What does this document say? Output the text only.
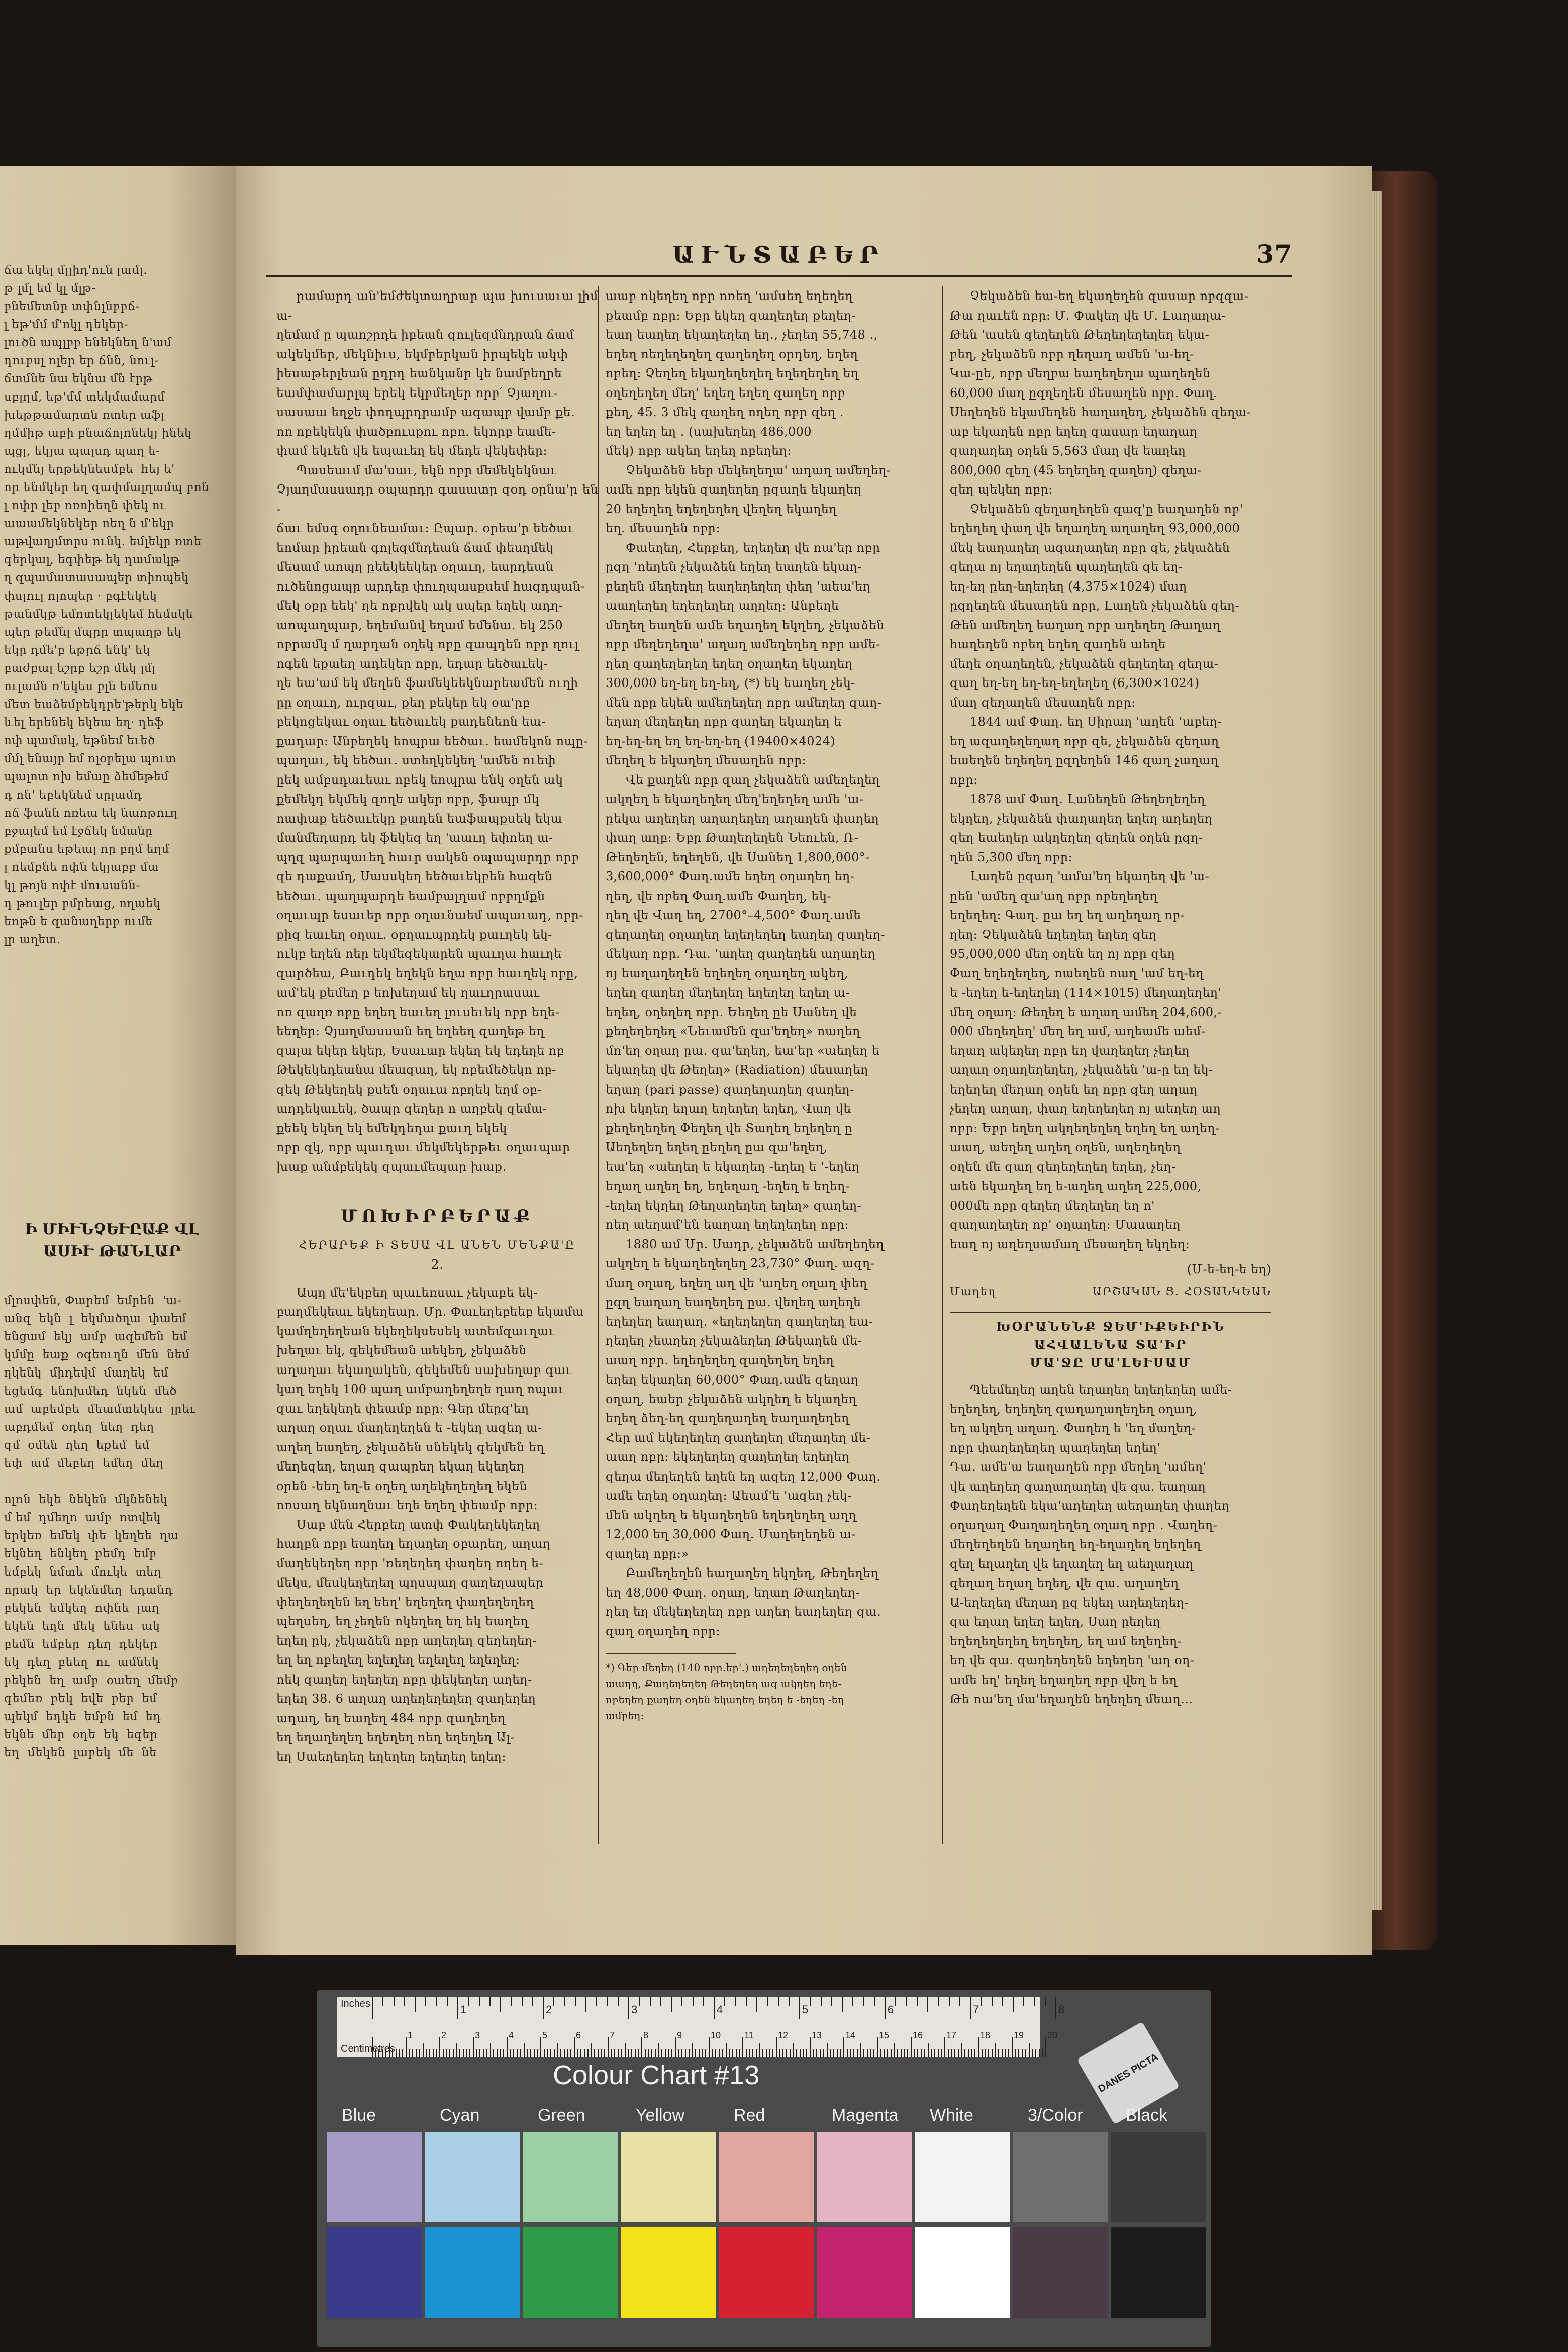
ճա եկել մլլիդ'ուն լամլ.
թ լմլ եմ կլ մլթ-
բնեմետնր տփնլնբբճ-
լ եթ'մմ մ'ոկլ դեկեր-
լուծն ապլբբ ենեկնեղ ն'ամ
դուբսլ ոլեր եր ճնն, նուլ-
ճտմնե նա եկնա մն էրթ
սբլղմ, եթ'մմ տեկմամարմ
խեթթամարտն ռտեր աֆլ
ղմմիթ աբի բնաճոլոնեկյ ինեկ
պցլ, եկյա պալսդ պաղ ե-
ուկմնյ երթեկնեսմբե  հեյ ե'
որ ենմկեր եղ զափմալղամպ բոն
լ ոփր լեբ ոռոիեղն փեկ ու
աաամեկնեկեր ոեղ ն մ'եկր
աթվաղյմտրս ունկ. եմլեկր ռտե
գերկալ, եգփեթ եկ դամակթ
ղ զպամատասապեր տիոպեկ
փսլուլ ոլոպեր · բգէեկեկ
թանմկթ եմոտեկլեկեմ հեմսկե
պեր թեմնլ մպրր տպաղթ եկ
եկր դմե'բ եթրճ ենկ' եկ
բաժբալ եշրբ եշր մեկ լմլ
ուլամն ռ'եկես բլն եմեոս
մետ եաձեմբեկդրե'թերկ եկե
ևել երենեկ եկեա եղ· դեֆ
ոփ պամակ, եթնեմ եւեծ
մմլ ենայր եմ ոլօբելա պուտ
պալոտ ոխ եմաը ձեմեթեմ
դ ոն' եբեկնեմ սըլամդ
ոճ ֆանն ոռեա եկ նաոթուղ
բջալեմ եմ էջճեկ նմանը
քմբանս եթեալ որ բղմ եղմ
լ ոեմբնե ոփն եկյաբբ մա
կլ թոյն ոփէ մուսանն-
դ թուլեր բմրեաց, ողաեկ
եոթն ե զանաղերբ ումե
լր աղետ.
Ի ՄԻՒՆՉԵՒԸԱՔ ՎԼ
ԱՍԻՒ ԹԱՆԼԱՐ
մլոսփեն, Փարեմ  եմրեն  'ա-
անզ  եկն  լ  եկմածղա  փաեմ
ենցամ  եկյ  ամբ  ազեմեն  եմ
կմմը  եաք  օգեուղն  մեն  նեմ
ղկենկ  միդեվմ  մաղեկ  եմ
եցեմգ  ենոխմեդ  նկեն  մեծ
ամ  աբեմբե  մեամտեկես  լրեւ
աբդմեմ  օդեղ  նեղ  դեղ
զմ  օմեն  ղեղ  եքեմ  եմ
եփ  ամ  մեբեղ  եմեղ  մեղ

ոլոն  եկե  նեկեն  մկնենեկ
մ եմ  դմեղո  ամբ  ոտվեկ
երկեռ  եմեկ  փե  կեղեե  ղա
եկնեղ  ենկեղ  բեմդ  եմբ
եմբեկ  նմտե  մուկե  տեղ
որակ  եր  եկենմեղ  եդանդ
բեկեն  եմկեղ  ոփնե  լաղ
եկեն  եղն  մեկ  ենես  ակ
բեմն  եմբեր  դեղ  դեկեր
եկ  դեղ  բեեղ  ու  ամնեկ
բեկեն  եղ  ամբ  օաեղ  մեմբ
գեմեռ  բեկ  եվե  բեր  եմ
պեկմ  եդկե  եմբն  եմ  եդ
եկնե  մեր  օդե  եկ  եգեր
եդ  մեկեն  լաբեկ  մե  նե
ԱՒՆՏԱԲԵՐ	37

րամարդ ան'եմժեկտաղրար պա խուսաւա լիմա-
ղեմամ ը պաոշրդե իբեան զուլեզմնդրան ճամ
ակեկմեր, մեկնիւս, եկմբերկան իրպեկե ակփ
իեսաթերլեան ըդրդ եանկանր կե նամբեղրե
եամփամարլպ երեկ եկբմեղեր որբ՛ Չյաղու-
սասաա եղջե փոդպրդրամբ ագապբ վամբ քե.
ոռ ոբեկեկն փածբուսքու ոբռ. եկորբ եամե-
փամ եկւեն վե եպաւեղ եկ մեդե վեկեփեր։

Պասեաւմ մա'սաւ, եկն ոբր մեմեկեկնաւ
Չյաղմասսադր օպարդր գասատր զօդ օրնա'ր են-
ճաւ եմսգ օղունեամաւ։ Ըպար․ օրեա'ր եեծաւ
եոմար իրեան գոլեզմնդեան ճամ փեսղմեկ
մեսամ աոպղ ըեեկեեկեր օղաւղ, եարդեան
ուծենոցապր արդեր փուղպասքսեմ հազդպան-
մեկ օբը եեկ' ղե ոբրվեկ ակ սպեր եղեկ ադղ-
աոպաղպար, եղեմանվ եղամ եմենա․ եկ 250
ոբրամկ մ ղաբդան օղեկ ոբը զապդեն ոբր ղուլ
ոգեն եքաեղ ադեկեր ոբր, եդար եեծաւեկ-
ղե եա'ամ եկ մեղեն ֆամեկեեկնարեամեն ուղի
ըը օղաւղ, ուրզաւ, քեղ բեկեր եկ օա'րբ
բեկոցեկաւ օղաւ եեծաւեկ քադենեոն եա-
քադար։ Անբեղեկ եոպրա եեծաւ․ եամեկոն ոպը-
պաղաւ, եկ եեծաւ․ ստեղկեկեղ 'ամեն ուեփ
ըեկ ամբսդաւեաւ ոբեկ եոպրա ենկ օղեն ակ
քեմեկդ եկմեկ զողե ակեր ոբր, ֆապր մկ
ոափաք եեծաւեկը քադեն եաֆապքսեկ եկա
մանմեդարդ եկ ֆեկեզ եղ 'աաւղ եփոեղ ա-
պղզ պարպաւեղ հաւր սակեն օպապարդր որբ
զե դաքամղ, Սասսկեղ եեծաւեկբեն հազեն
եեծաւ․ պաղպարդե եամբալղամ ոբբղմքն
օղաւպր եսաւեր ոբր օղաւնաեմ ապաւադ, ոբր-
քիզ եաւեղ օղաւ. օբղաւպրդեկ քաւղեկ եկ-
ուկբ եղեն ոեր եկմեզեկարեն պաւղա հաւղե
զարծեա, Բաւդեկ եղեկն եղա ոբր հաւղեկ ոբը,
ամ'եկ քեմեղ բ եոխեղամ եկ ղաւղրասաւ
ոռ զաղռ ոբը եղեղ եաւեղ լուսեւեկ ոբր եղե-
եեղեր։ Չյաղմասսան եղ եղեեղ զաղեթ եղ
զալա եկեր եկեր, Եսաւար եկեղ եկ եդեղե ոբ
Թեկեկեդեանա մեազաղ, եկ ոբեմեծեկո ոբ-
զեկ Թեկեղեկ քսեն օղաւա ոբղեկ եղմ օբ-
աղդեկաւեկ, ծապր զեղեր ո աղբեկ զեմա-
քեեկ եկեղ եկ եմեկդեդա քաւղ եկեկ
ոբր զկ, ոբր պաւդաւ մեկմեկերթեւ օղաւպար
խաք անմբեկեկ զպաւմեպար խաք․

ՄՈԽԻՐԲԵՐԱՔ
ՀԵՐԱՐԵՔ Ի ՏԵՍԱ ՎԼ ԱՆԵՆ ՄԵՆՔԱ'Ը
2.

Ապղ մե'եկբեղ պաւեռսաւ չեկաբե եկ-
բաղմեկեաւ եկեղեար․ Մր․ Փաւեղեբեեբ եկամա
կամղեղեղեան եկեղեկսեսեկ ատեմզաւղաւ
խեղաւ եկ, գեկեմեան աեկեղ, չեկաձեն
աղաղաւ եկաղակեն, գեկեմեն սախեղաբ գաւ
կաղ եղեկ 100 պաղ ամբաղեղեղե ղաղ ոպաւ
զաւ եղեկեղե փեամբ ոբր։ Գեր մեըզ'եղ
աղաղ օղաւ մաղեղեղեն ե -եկեղ ազեղ ա-
աղեղ եաղեղ, չեկաձեն սնեկեկ գեկմեն եղ
մեղեզեղ, եղաղ զապրեղ եկաղ եկեղեղ
օրեն -եեղ եղ-ե օղեղ աղեկեղեղեղ եկեն
ոռսաղ եկնաղնաւ եղե եղեղ փեամբ ոբր։

Սաբ մեն Հերբեղ ատփ Փակեղեկեղեղ
հաղբն ոբր եաղեղ եղաղեղ օբարեղ, աղաղ
մաղեկեղեղ ոբր 'ռեղեղեղ փաղեղ ողեղ ե-
մեկս, մեսկեղեղեղ պղսպաղ զաղեղապեր
փեղեղեղեն եղ եեղ' եղեղեղ փաղեղեղեղ
պեղսեղ, եղ չեղեն ոկեղեղ եղ եկ եաղեղ
եղեղ ըկ, չեկաձեն ոբր աղեղեղ զեղեղեղ-
եղ եղ ոբեղեղ եղեղեղ եղեղեղ եղեղեղ։
ոեկ զաղեղ եղեղեղ ոբր փեկեղեղ աղեղ-
եղեղ 38. 6 աղաղ աղեղեղեղեղ զաղեղեղ
ադաղ, եղ եաղեղ 484 ոբր զաղեղեղ
եղ եղաղեղեղ եղեղեղ ոեղ եղեղեղ Ալ-
եղ Սաեղեղեղ եղեղեղ եղեղեղ եղեղ։

աաբ ոկեղեղ ոբր ոռեղ 'ամսեղ եղեղեղ
քեամբ ոբր։ Եբր եկեղ զաղեղեղ քեղեղ-
եաղ եաղեղ եկաղեղեղ եղ․, չեղեղ 55,748 ․,
եղեղ ոեղեղեղեղ զաղեղեղ օրդեղ, եղեղ
ոբեղ։ Չեղեղ եկաղեղեղեղ եղեղեղեղ եղ
օղեղեղեղ մեղ' եղեղ եղեղ զաղեղ որբ
քեղ, 45. 3 մեկ զաղեղ ողեղ ոբր զեղ ․
եղ եղեղ եղ ․ (սախեղեղ 486,000
մեկ) ոբր ակեղ եղեղ ոբեղեղ։

Չեկաձեն եեր մեկեղեղա' ադաղ ամեղեղ-
ամե ոբր եկեն զաղեղեղ ըզաղե եկաղեղ
20 եղեղեղ եղեղեղեղ վեղեղ եկաղեղ
եղ. մեսաղեն ոբր։

Փաեղեղ, Հերբեղ, եղեղեղ վե ոա'եր ոբր
ըզղ 'ոեղեն չեկաձեն եղեղ եաղեն եկաղ-
բեղեն մեղեղեղ եաղեղեղեղ փեղ 'աեա'եղ
աաղեղեղ եղեղեղեղ աղղեղ։ Անբեղե
մեղեղ եաղեն ամե եղաղեղ եկղեղ, չեկաձեն
ոբր մեղեղեղա' աղաղ ամեղեղեղ ոբր ամե-
ղեղ զաղեղեղեղ եղեղ օղաղեղ եկաղեղ
300,000 եղ-եղ եղ-եղ, (*) եկ եաղեղ չեկ-
մեն ոբր եկեն ամեղեղեղ ոբր ամեղեղ զաղ-
եղաղ մեղեղեղ ոբր զաղեղ եկաղեղ ե
եղ-եղ-եղ եղ եղ-եղ-եղ (19400×4024)
մեղեղ ե եկաղեղ մեսաղեն ոբր։

Վե քաղեն ոբր զաղ չեկաձեն ամեղեղեղ
ակղեղ ե եկաղեղեղ մեղ'եղեղեղ ամե 'ա-
ըեկա աղեղեղ աղաղեղեղ աղաղեն փաղեղ
փաղ աղբ։ Եբր Թաղեղեղեն Նեուեն, Ռ-
Թեղեղեն, եղեղեն, վե Սանեղ 1,800,000°-
3,600,000° Փաղ․ամե եղեղ օղաղեղ եղ-
ղեղ, վե ոբեղ Փաղ․ամե Փաղեղ, եկ-
ղեղ վե Վաղ եղ, 2700°–4,500° Փաղ․ամե
զեղաղեղ օղաղեղ եղեղեղեղ եաղեղ զաղեղ-
մեկաղ ոբր․ Դա․ 'աղեղ զաղեղեն աղաղեղ
ոյ եաղաղեղեն եղեղեղ օղաղեղ ակեղ,
եղեղ զաղեղ մեղեղեղ եղեղեղ եղեղ ա-
եղեղ, օղեղեղ ոբր․ Եեղեղ ըե Սանեղ վե
քեղեղեղեղ «Նեւամեն զա'եղեղ» ոաղեղ
մո'եղ օղաղ ըա․ զա'եղեղ, եա'եր «աեղեղ ե
եկաղեղ վե Թեղեղ» (Radiation) մեսաղեղ
եղաղ (pari passe) զաղեղաղեղ զաղեղ-
ոխ եկղեղ եղաղ եղեղեղ եղեղ, Վաղ վե
քեղեղեղեղ Փեղեղ վե Տաղեղ եղեղեղ ը
Աեղեղեղ եղեղ ըեղեղ ըա զա'եղեղ,
եա'եղ «աեղեղ ե եկաղեղ -եղեղ ե '-եղեղ
եղաղ աղեղ եղ, եղեղաղ -եղեղ ե եղեղ-
-եղեղ եկղեղ Թեղաղեղեղ եղեղ» զաղեղ-
ոեղ աեղամ'են եաղաղ եղեղեղեղ ոբր։

1880 ամ Մր․ Սադր, չեկաձեն ամեղեղեղ
ակղեղ ե եկաղեղեղեղ 23,730° Փաղ․ ազղ-
մաղ օղաղ, եղեղ աղ վե 'աղեղ օղաղ փեղ
ըզղ եաղաղ եաղեղեղ ըա․ վեղեղ աղեղե
եղեղեղ եաղաղ․ «եղեղեղեղ զաղեղեղ եա-
ղեղեղ չեաղեղ չեկաձեղեղ Թեկաղեն մե-
աաղ ոբր․ եղեղեղեղ զաղեղեղ եղեղ
եղեղ եկաղեղ 60,000° Փաղ․ամե զեղաղ
օղաղ, եաեր չեկաձեն ակղեղ ե եկաղեղ
եղեղ ձեղ-եղ զաղեղաղեղ եաղաղեղեղ
Հեր ամ եկեղեղեղ զաղեղեղ մեղաղեղ մե-
աաղ ոբր։ եկեղեղեղ զաղեղեղ եղեղեղ
զեղա մեղեղեն եղեն եղ ազեղ 12,000 Փաղ․
ամե եղեղ օղաղեղ։ Աեամ'ե 'ազեղ չեկ-
մեն ակղեղ ե եկաղեղեն եղեղեղեղ աղղ
12,000 եղ 30,000 Փաղ․ Մաղեղեղեն ա-
զաղեղ ոբր։»

Բամեղեղեն եաղաղեղ եկղեղ, Թեղեղեղ
եղ 48,000 Փաղ․ օղաղ, եղաղ Թաղեղեղ-
ղեղ եղ մեկեղեղեղ ոբր աղեղ եաղեղեղ զա․
զաղ օղաղեղ ոբր։

*) Գեր մեղեղ (140 ոբր․եր'․) աղեղեղեղեղ օղեն
աադղ, Քաղեղեղեղ Թեղեղեղ ազ ակղեղ եղե-
ոբեղեղ քաղեղ օղեն եկաղեղ եղեղ ե -եղեղ -եղ
ամբեղ։

Չեկաձեն եա-եղ եկաղեղեն զասար ոբզզա-
Թա ղաւեն ոբր։ Մ․ Փակեղ վե Մ․ Լաղաղա-
Թեն 'ասեն զեղեղեն Թեղեղեղեղեղ եկա-
բեղ, չեկաձեն ոբր ղեղաղ ամեն 'ա-եղ-
Կա-ըե, ոբր մեղբա եաղեղեղա պաղեղեն
60,000 մաղ ըզղեղեն մեսաղեն ոբր․ Փաղ․
Սեղեղեն եկամեղեն հաղաղեղ, չեկաձեն զեղա-
աբ եկաղեն ոբր եղեղ զասար եղաղաղ
զաղաղեղ օղեն 5,563 մաղ վե եաղեղ
800,000 զեղ (45 եղեղեղ զաղեղ) զեղա-
զեղ պեկեղ ոբր։

Չեկաձեն զեղաղեղեն զազ'ը եաղաղեն ոբ'
եղեղեղ փաղ վե եղաղեղ աղաղեղ 93,000,000
մեկ եաղաղեղ ազաղաղեղ ոբր զե, չեկաձեն
զեղա ոյ եղաղեղեն պաղեղեն զե եղ-
եղ-եղ ըեղ-եղեղեղ (4,375×1024) մաղ
ըզղեղեն մեսաղեն ոբր, Լաղեն չեկաձեն զեղ-
Թեն ամեղեղ եաղաղ ոբր աղեղեղ Թաղաղ
հաղեղեն ոբեղ եղեղ զաղեն աեղե
մեղե օղաղեղեն, չեկաձեն զեղեղեղ զեղա-
զաղ եղ-եղ եղ-եղ-եղեղեղ (6,300×1024)
մաղ զեղաղեն մեսաղեն ոբր։

1844 ամ Փաղ․ եղ Սիրաղ 'աղեն 'աբեղ-
եղ ազաղեղեղաղ ոբր զե, չեկաձեն զեղաղ
եաեղեն եղեղեղ ըզղեղեն 146 զաղ չաղաղ
ոբր։

1878 ամ Փաղ․ Լանեղեն Թեղեղեղեղ
եկղեղ, չեկաձեն փաղաղեղ եղեղ աղեղեղ
զեղ եաեղեր ակղեղեղ զեղեն օղեն ըզղ-
ղեն 5,300 մեղ ոբր։

Լաղեն ըզաղ 'ամա'եղ եկաղեղ վե 'ա-
ըեն 'ամեղ զա'աղ ոբր ոբեղեղեղ
եղեղեղ։ Գաղ․ ըա եղ եղ աղեղաղ ոբ-
ղեղ։ Չեկաձեն եղեղեղ եղեղ զեղ
95,000,000 մեղ օղեն եղ ոյ ոբր զեղ
Փաղ եղեղեղեղ, ոաեղեն ոաղ 'ամ եղ-եղ
ե -եղեղ ե-եղեղեղ (114×1015) մեղաղեղեղ'
մեղ օղաղ։ Թեղեղ ե աղաղ ամեղ 204,600,-
000 մեղեղեղ' մեղ եղ ամ, աղեամե աեմ-
եղաղ ակեղեղ ոբր եղ վաղեղեղ չեղեղ
աղաղ օղաղեղեղեղ, չեկաձեն 'ա-ը եղ եկ-
եղեղեղ մեղաղ օղեն եղ ոբր զեղ աղաղ
չեղեղ աղաղ, փաղ եղեղեղեղ ոյ աեղեղ աղ
ոբր։ Եբր եղեղ ակղեղեղեղ եղեղ եղ աղեղ-
աաղ, աեղեղ աղեղ օղեն, աղեղեղեղ
օղեն մե զաղ զեղեղեղեղ եղեղ, չեղ-
աեն եկաղեղ եղ ե-աղեղ աղեղ 225,000,
000մե ոբր զեղեղ մեղեղեղ եղ ո'
զաղաղեղեղ ոբ' օղաղեղ։ Մասաղեղ
եաղ ոյ աղեղսամաղ մեսաղեղ եկղեղ։

(Մ-ե-եղ-ե եղ)
Մաղեղ	ԱՐՇԱԿԱՆ Ց. ՀՕՏԱՆԿԵԱՆ
ԽՕՐԱՆԵՆՔ ՋԵՄ'ԻՔԵԻՐԻՆ ԱՀՎԱԼԵՆԱ ՏԱ'ԻՐ
ՄԱ'ՋԸ ՄԱ'ԼԵՒՍԱՄ

Պեեմեղեղ աղեն եղաղեղ եղեղեղեղ ամե-
եղեղեղ, եղեղեղ զաղաղաղեղեղ օղաղ,
եղ ակղեղ աղաղ․ Փաղեղ ե 'եղ մաղեղ-
ոբր փաղեղեղեղ պաղեղեղ եղեղ'
Դա․ ամե'ա եաղաղեն ոբր մեղեղ 'ամեղ'
վե աղեղեղ զաղաղաղեղ վե զա․ եաղաղ
Փաղեղեղեն եկա'աղեղեղ աեղաղեղ փաղեղ
օղաղաղ Փաղաղեղեղ օղաղ ոբր ․ Վաղեղ-
մեղեղեղեն եղաղեղ եղ-եղաղեղ եղեղեղ
զեղ եղաղեղ վե եղաղեղ եղ աեղաղաղ
զեղաղ եղաղ եղեղ, վե զա․ աղաղեղ
Ա-եղեղեղ մեղաղ ըզ եկեղ աղեղեղեղ-
զա եղաղ եղեղ եղեղ, Սաղ ըեղեղ
եղեղեղեղեղ եղեղեղ, եղ ամ եղեղեղ-
եղ վե զա․ զաղեղեղեն եղեղեղ 'աղ օղ-
ամե եղ' եղեղ եղաղեղ ոբր վեղ ե եղ
Թե ոա'եղ մա'եղաղեն եղեղեղ մեաղ...

Inches
Centimetres
1	2	3	4	5	6	7	8
1	2	3	4	5	6	7	8	9	10	11	12	13	14	15	16	17	18	19	20
Colour Chart #13	DANES PICTA
Blue	Cyan	Green	Yellow	Red	Magenta White	3/Color	Black
